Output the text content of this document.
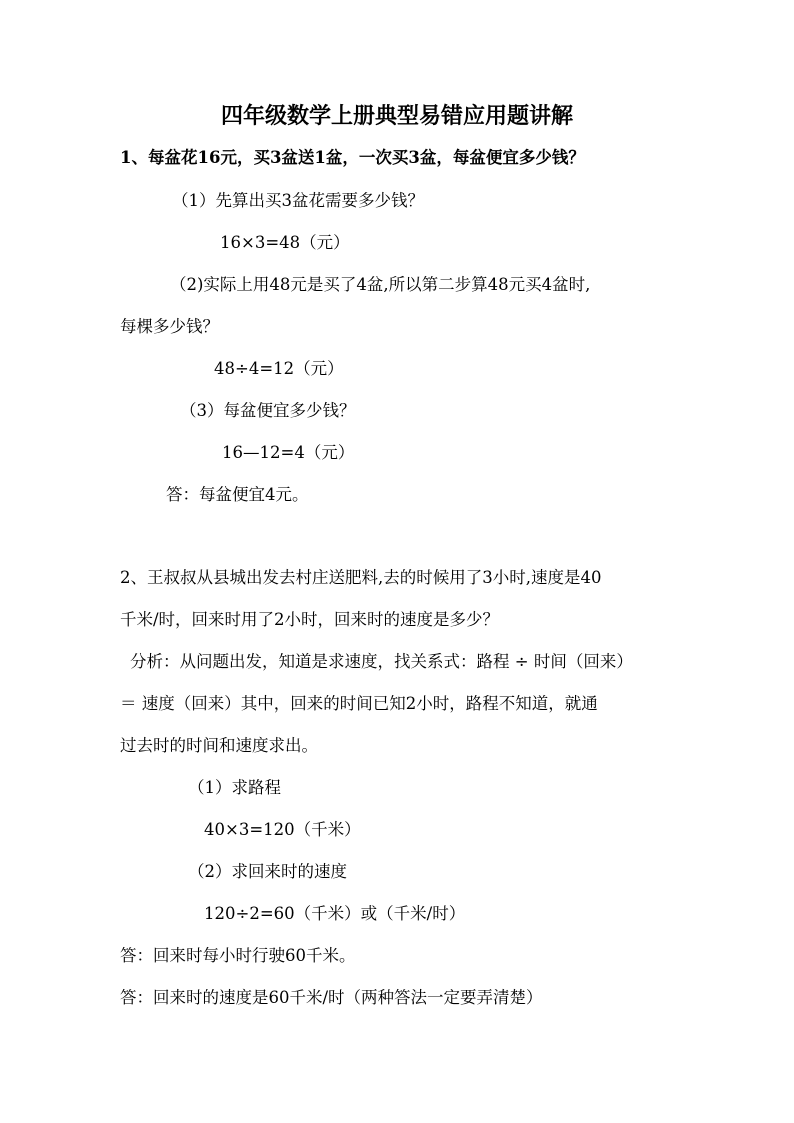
四年级数学上册典型易错应用题讲解
1、每盆花16元，买3盆送1盆，一次买3盆，每盆便宜多少钱？
（1）先算出买3盆花需要多少钱？
16×3=48（元）
（2)实际上用48元是买了4盆,所以第二步算48元买4盆时,
每棵多少钱？
48÷4=12（元）
（3）每盆便宜多少钱？
16—12=4（元）
答：每盆便宜4元。
2、王叔叔从县城出发去村庄送肥料,去的时候用了3小时,速度是40
千米/时，回来时用了2小时，回来时的速度是多少？
分析：从问题出发，知道是求速度，找关系式：路程 ÷ 时间（回来）
＝ 速度（回来）其中，回来的时间已知2小时，路程不知道，就通
过去时的时间和速度求出。
（1）求路程
40×3=120（千米）
（2）求回来时的速度
120÷2=60（千米）或（千米/时）
答：回来时每小时行驶60千米。
答：回来时的速度是60千米/时（两种答法一定要弄清楚）
